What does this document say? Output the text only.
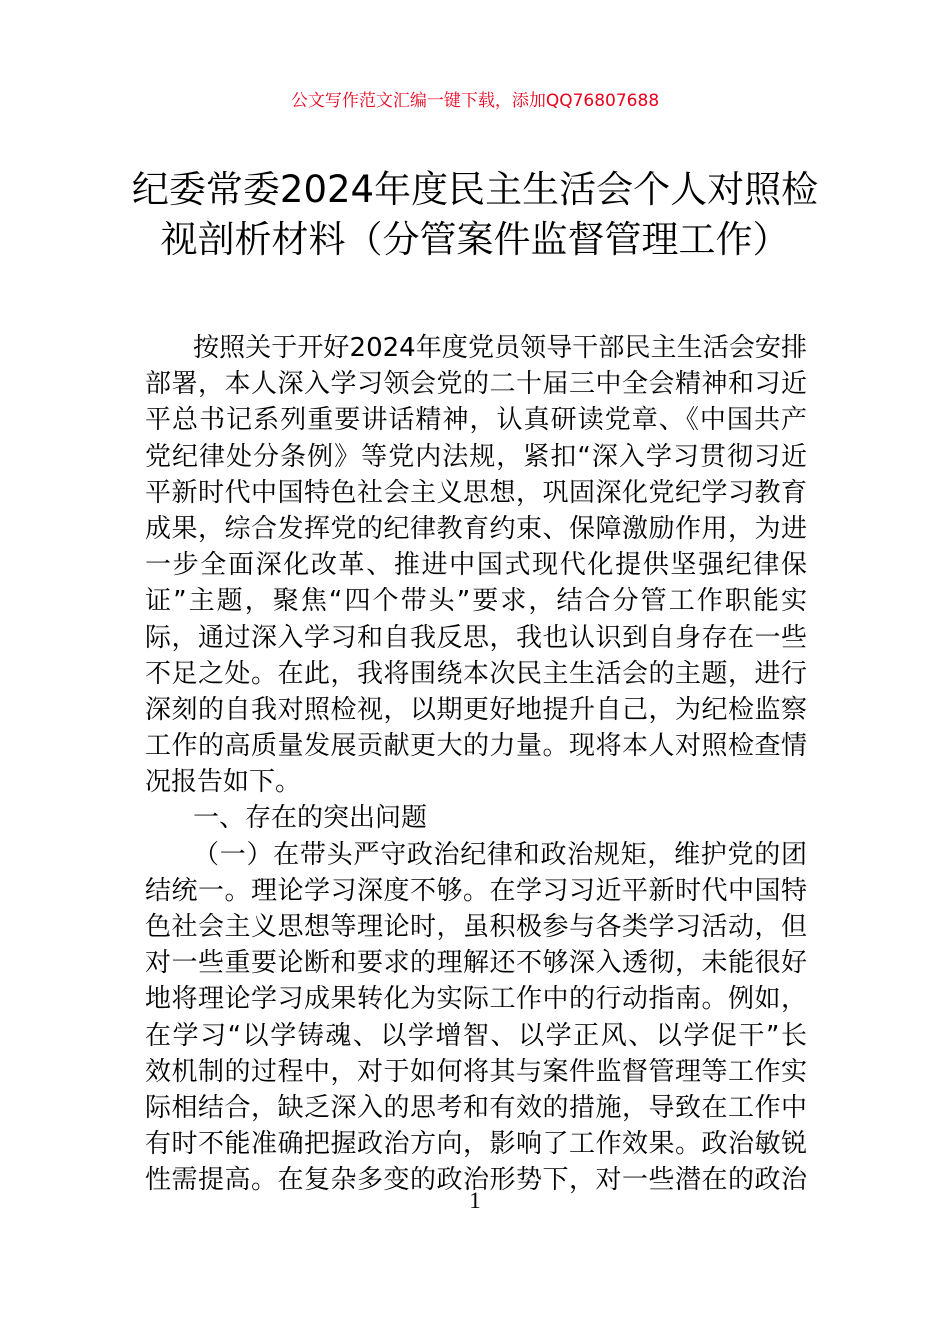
公文写作范文汇编一键下载，添加QQ76807688
纪委常委2024年度民主生活会个人对照检
视剖析材料（分管案件监督管理工作）
按照关于开好2024年度党员领导干部民主生活会安排
部署，本人深入学习领会党的二十届三中全会精神和习近
平总书记系列重要讲话精神，认真研读党章、《中国共产
党纪律处分条例》等党内法规，紧扣“深入学习贯彻习近
平新时代中国特色社会主义思想，巩固深化党纪学习教育
成果，综合发挥党的纪律教育约束、保障激励作用，为进
一步全面深化改革、推进中国式现代化提供坚强纪律保
证”主题，聚焦“四个带头”要求，结合分管工作职能实
际，通过深入学习和自我反思，我也认识到自身存在一些
不足之处。在此，我将围绕本次民主生活会的主题，进行
深刻的自我对照检视，以期更好地提升自己，为纪检监察
工作的高质量发展贡献更大的力量。现将本人对照检查情
况报告如下。
一、存在的突出问题
（一）在带头严守政治纪律和政治规矩，维护党的团
结统一。理论学习深度不够。在学习习近平新时代中国特
色社会主义思想等理论时，虽积极参与各类学习活动，但
对一些重要论断和要求的理解还不够深入透彻，未能很好
地将理论学习成果转化为实际工作中的行动指南。例如，
在学习“以学铸魂、以学增智、以学正风、以学促干”长
效机制的过程中，对于如何将其与案件监督管理等工作实
际相结合，缺乏深入的思考和有效的措施，导致在工作中
有时不能准确把握政治方向，影响了工作效果。政治敏锐
性需提高。在复杂多变的政治形势下，对一些潜在的政治
1
